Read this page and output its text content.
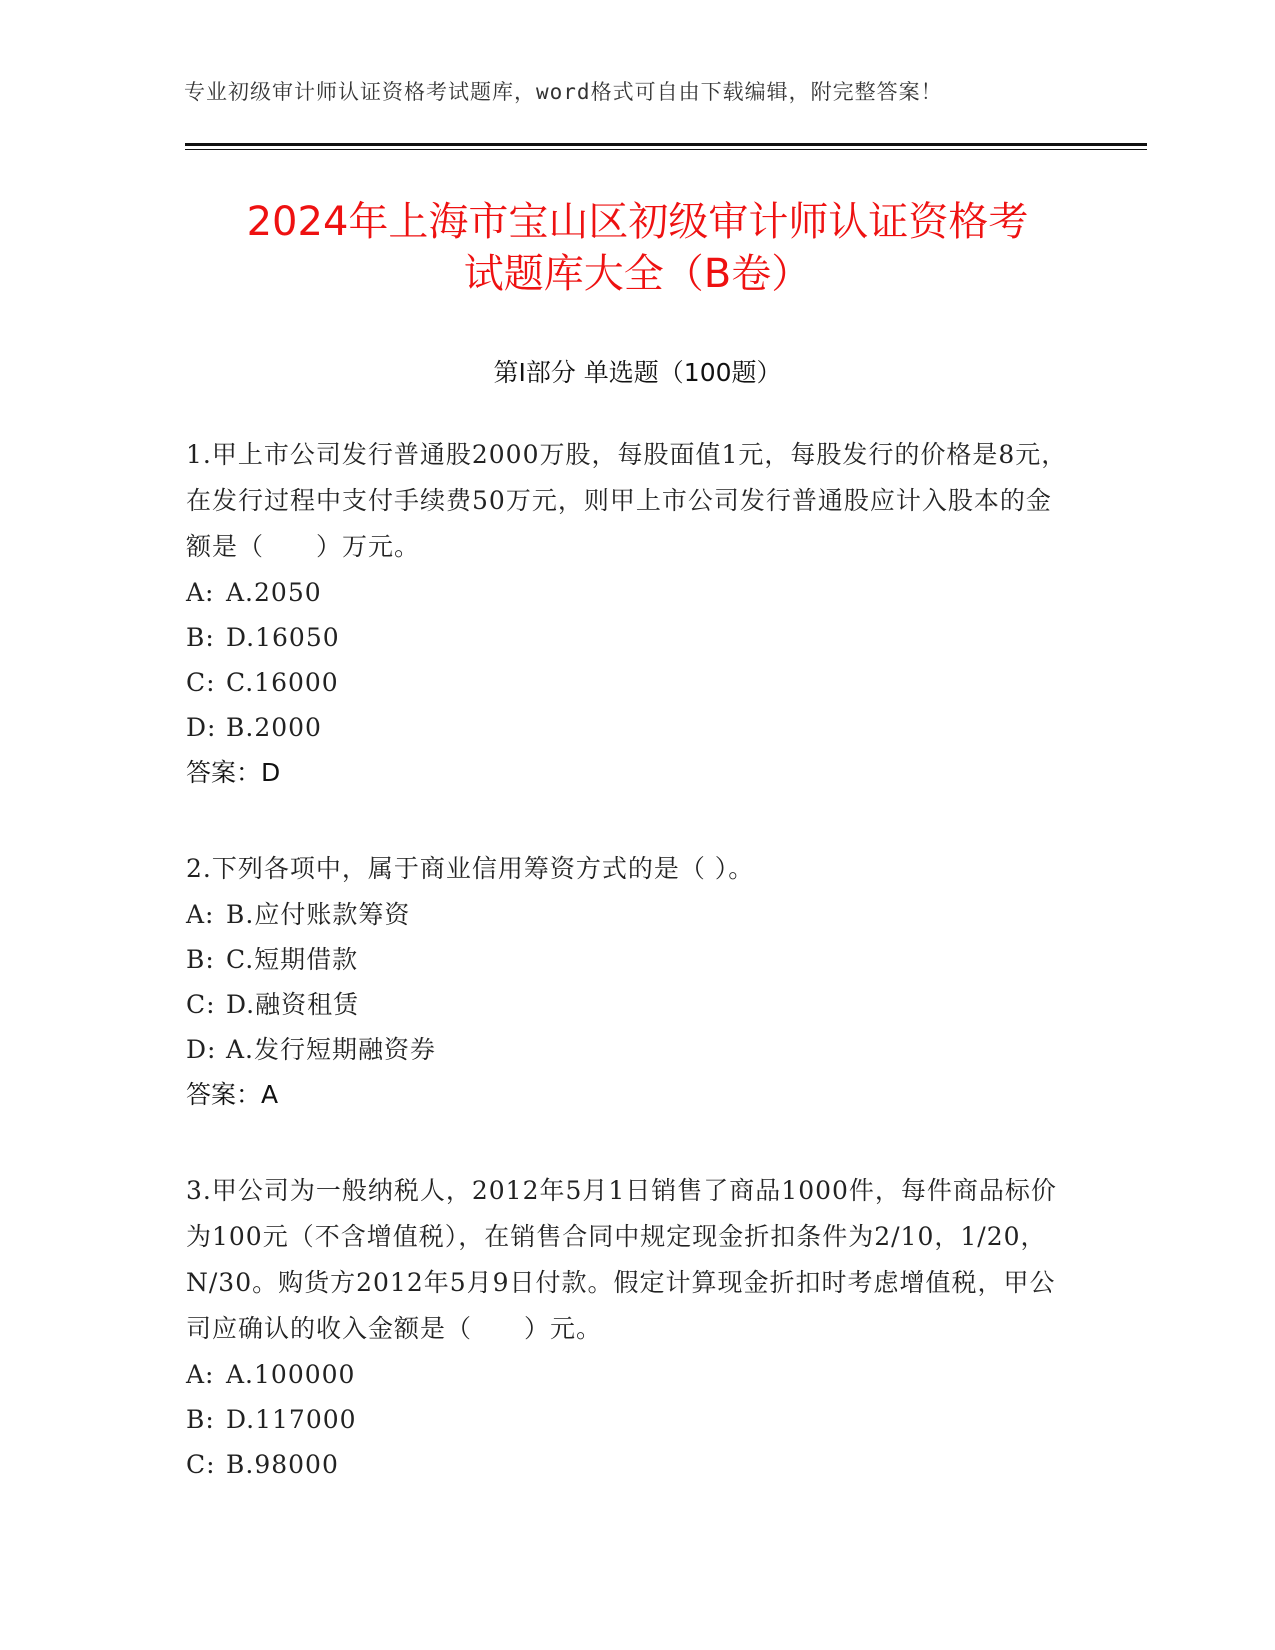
专业初级审计师认证资格考试题库，word格式可自由下载编辑，附完整答案！
2024年上海市宝山区初级审计师认证资格考
试题库大全（B卷）
第Ⅰ部分 单选题（100题）

1.甲上市公司发行普通股2000万股，每股面值1元，每股发行的价格是8元，在发行过程中支付手续费50万元，则甲上市公司发行普通股应计入股本的金额是（　　）万元。

A: A.2050
B: D.16050
C: C.16000
D: B.2000
答案：D

2.下列各项中，属于商业信用筹资方式的是（ ）。

A: B.应付账款筹资
B: C.短期借款
C: D.融资租赁
D: A.发行短期融资券
答案：A

3.甲公司为一般纳税人，2012年5月1日销售了商品1000件，每件商品标价为100元（不含增值税），在销售合同中规定现金折扣条件为2/10，1/20，N/30。购货方2012年5月9日付款。假定计算现金折扣时考虑增值税，甲公司应确认的收入金额是（　　）元。

A: A.100000
B: D.117000
C: B.98000
